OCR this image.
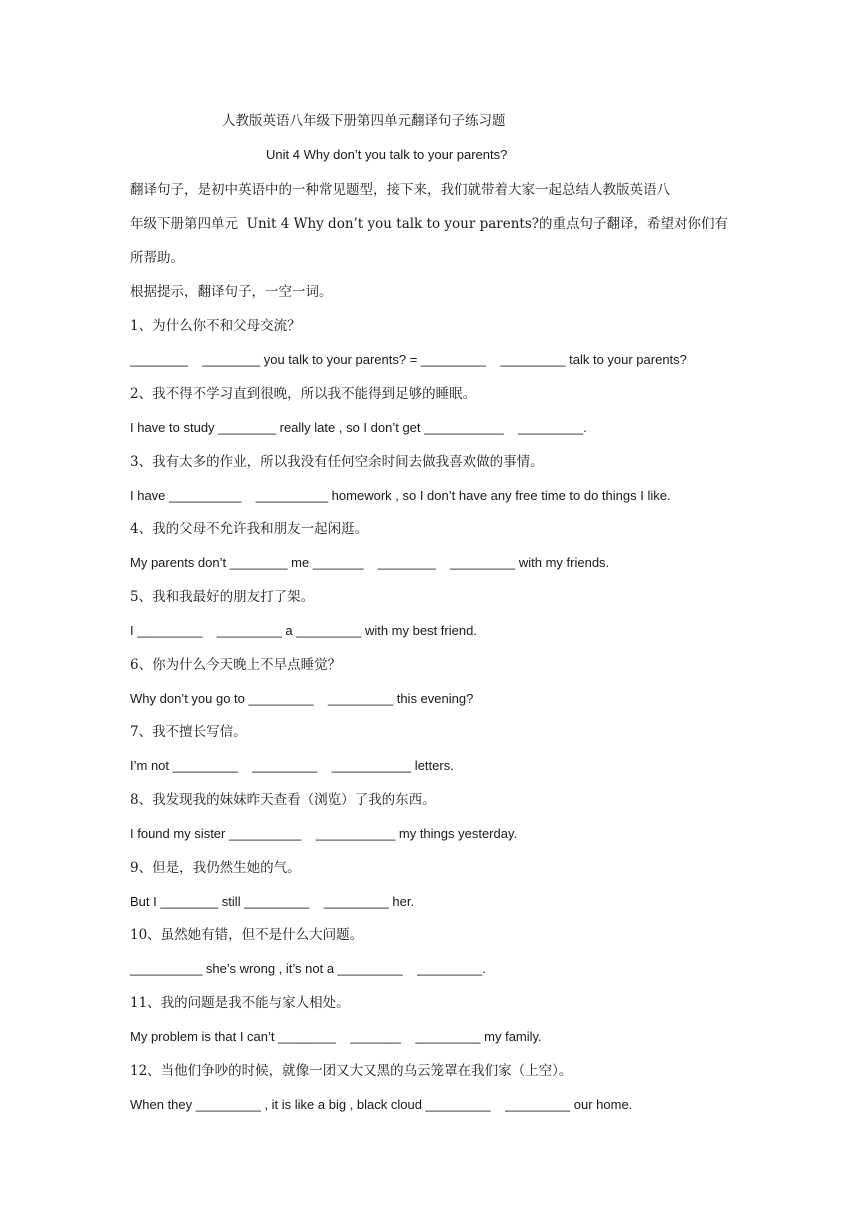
人教版英语八年级下册第四单元翻译句子练习题
Unit 4 Why don’t you talk to your parents?
翻译句子，是初中英语中的一种常见题型，接下来，我们就带着大家一起总结人教版英语八
年级下册第四单元  Unit 4 Why don’t you talk to your parents?的重点句子翻译，希望对你们有
所帮助。
根据提示，翻译句子，一空一词。
1、为什么你不和父母交流？
________    ________ you talk to your parents? = _________    _________ talk to your parents?
2、我不得不学习直到很晚，所以我不能得到足够的睡眠。
I have to study ________ really late , so I don’t get ___________    _________.
3、我有太多的作业，所以我没有任何空余时间去做我喜欢做的事情。
I have __________    __________ homework , so I don’t have any free time to do things I like.
4、我的父母不允许我和朋友一起闲逛。
My parents don’t ________ me _______    ________    _________ with my friends.
5、我和我最好的朋友打了架。
I _________    _________ a _________ with my best friend.
6、你为什么今天晚上不早点睡觉？
Why don’t you go to _________    _________ this evening?
7、我不擅长写信。
I’m not _________    _________    ___________ letters.
8、我发现我的妹妹昨天查看（浏览）了我的东西。
I found my sister __________    ___________ my things yesterday.
9、但是，我仍然生她的气。
But I ________ still _________    _________ her.
10、虽然她有错，但不是什么大问题。
__________ she’s wrong , it’s not a _________    _________.
11、我的问题是我不能与家人相处。
My problem is that I can’t ________    _______    _________ my family.
12、当他们争吵的时候，就像一团又大又黑的乌云笼罩在我们家（上空）。
When they _________ , it is like a big , black cloud _________    _________ our home.
